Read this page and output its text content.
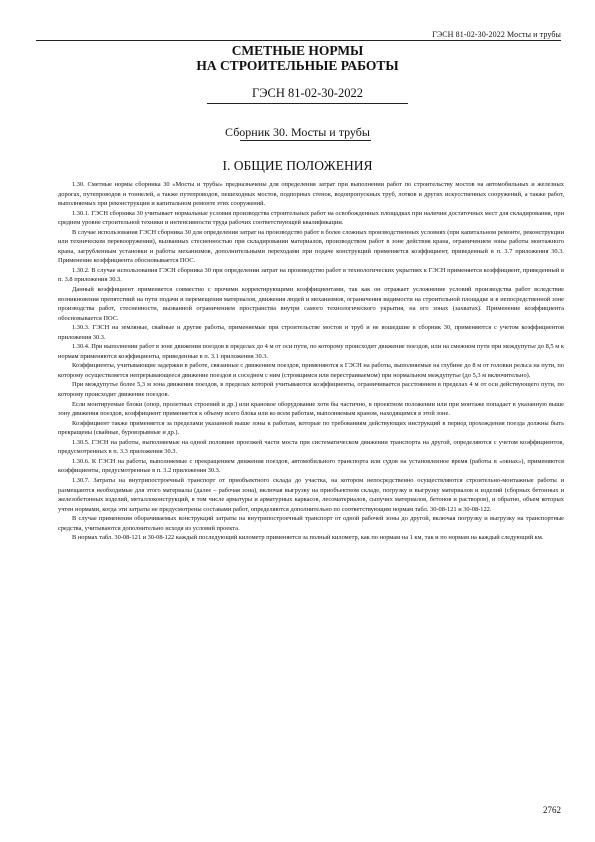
ГЭСН 81-02-30-2022 Мосты и трубы
СМЕТНЫЕ НОРМЫ
НА СТРОИТЕЛЬНЫЕ РАБОТЫ
ГЭСН 81-02-30-2022
Сборник 30. Мосты и трубы
I. ОБЩИЕ ПОЛОЖЕНИЯ

1.30. Сметные нормы сборника 30 «Мосты и трубы» предназначены для определения затрат при выполнении работ по строительству мостов на автомобильных и железных дорогах, путепроводов и тоннелей, а также путепроводов, пешеходных мостов, подпорных стенок, водопропускных труб, лотков и других искусственных сооружений, а также работ, выполняемых при реконструкции и капитальном ремонте этих сооружений.

1.30.1. ГЭСН сборника 30 учитывает нормальные условия производства строительных работ на освобожденных площадках при наличии достаточных мест для складирования, при среднем уровне строительной техники и интенсивности труда рабочих соответствующей квалификации.

В случае использования ГЭСН сборника 30 для определения затрат на производство работ в более сложных производственных условиях (при капитальном ремонте, реконструкции или техническом перевооружении), вызванных стесненностью при складировании материалов, производством работ в зоне действия крана, ограничением зоны работы монтажного крана, загрубленным установки и работы механизмов, дополнительными переходами при подаче конструкций применяется коэффициент, приведенный в п. 3.7 приложения 30.3. Применение коэффициента обосновывается ПОС.

1.30.2. В случае использования ГЭСН сборника 30 при определении затрат на производство работ в технологических укрытиях к ГЭСН применяется коэффициент, приведенный в п. 3.8 приложения 30.3.

Данный коэффициент применяется совместно с прочими корректирующими коэффициентами, так как он отражает усложнение условий производства работ вследствие возникновения препятствий на пути подачи и перемещения материалов, движения людей и механизмов, ограничения видимости на строительной площадке и в непосредственной зоне производства работ, стесненности, вызванной ограничением пространства внутри самого технологического укрытия, на его зонах (захватах). Применение коэффициента обосновывается ПОС.

1.30.3. ГЭСН на земляные, свайные и другие работы, применяемые при строительстве мостов и труб и не вошедшие в сборник 30, применяются с учетом коэффициентов приложения 30.3.

1.30.4. При выполнении работ в зоне движения поездов в пределах до 4 м от оси пути, по которому происходит движение поездов, или на смежном пути при междупутье до 8,5 м к нормам применяются коэффициенты, приведенные в п. 3.1 приложения 30.3.

Коэффициенты, учитывающие задержки в работе, связанные с движением поездов, применяются к ГЭСН на работы, выполняемые на глубине до 8 м от головки рельса на пути, по которому осуществляется непрерывающееся движение поездов и соседнем с ним (строящимся или перестраиваемом) при нормальном междупутье (до 5,3 м включительно).

При междупутье более 5,3 м зона движения поездов, в пределах которой учитываются коэффициенты, ограничивается расстоянием в пределах 4 м от оси действующего пути, по которому происходит движение поездов.

Если монтируемые блоки (опор, пролетных строений и др.) или крановое оборудование хотя бы частично, в проектном положении или при монтаже попадает в указанную выше зону движения поездов, коэффициент применяется к объему всего блока или ко всем работам, выполняемым краном, находящимся в этой зоне.

Коэффициент также применяется за пределами указанной выше зоны к работам, которые по требованиям действующих инструкций в период прохождения поезда должны быть прекращены (свайные, буровзрывные и др.).

1.30.5. ГЭСН на работы, выполняемые на одной половине проезжей части моста при систематическом движении транспорта на другой, определяются с учетом коэффициентов, предусмотренных в п. 3.3 приложения 30.3.

1.30.6. К ГЭСН на работы, выполняемые с прекращением движения поездов, автомобильного транспорта или судов на установленное время (работы в «окнах»), применяются коэффициенты, предусмотренные в п. 3.2 приложения 30.3.

1.30.7. Затраты на внутрипостроечный транспорт от приобъектного склада до участка, на котором непосредственно осуществляются строительно-монтажные работы и размещаются необходимые для этого материалы (далее – рабочая зона), включая выгрузку на приобъектном складе, погрузку и выгрузку материалов и изделий (сборных бетонных и железобетонных изделий, металлоконструкций, в том числе арматуры и арматурных каркасов, лесоматериалов, сыпучих материалов, бетонов и растворов), и обратно, объем которых учтен нормами, когда эти затраты не предусмотрены составами работ, определяются дополнительно по соответствующим нормам табл. 30-08-121 и 30-08-122.

В случае применения оборачиваемых конструкций затраты на внутрипостроечный транспорт от одной рабочей зоны до другой, включая погрузку и выгрузку на транспортные средства, учитываются дополнительно исходя из условий проекта.

В нормах табл. 30-08-121 и 30-08-122 каждый последующий километр применяется за полный километр, как по нормам на 1 км, так и по нормам на каждый следующий км.

2762
